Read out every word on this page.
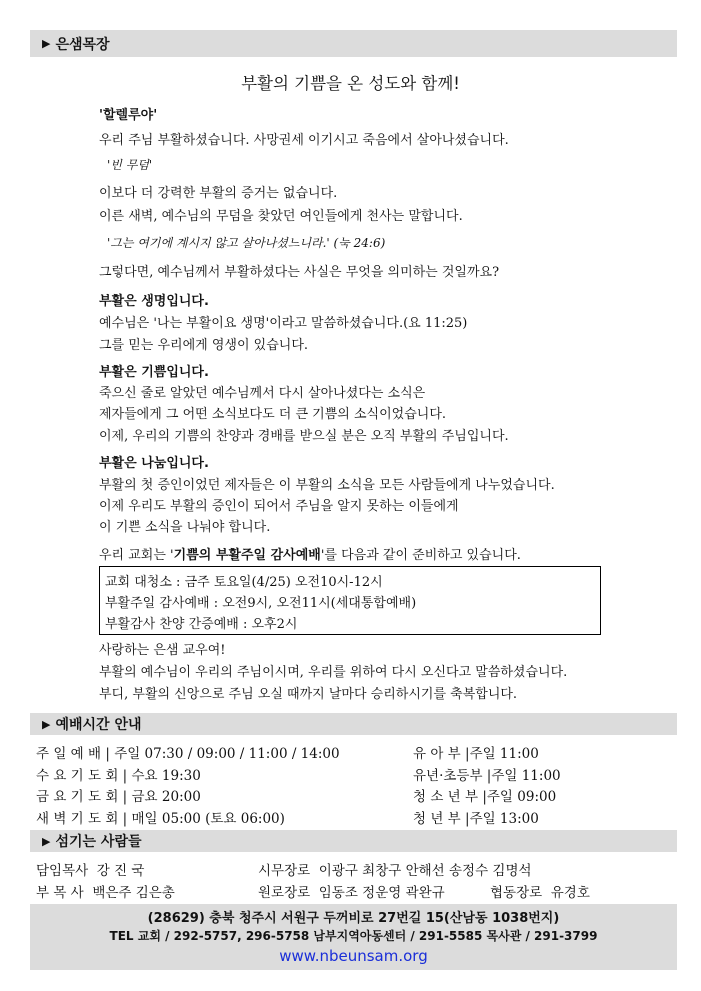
▶ 은샘목장
부활의 기쁨을 온 성도와 함께!
'할렐루야'
우리 주님 부활하셨습니다. 사망권세 이기시고 죽음에서 살아나셨습니다.
'빈 무덤'
이보다 더 강력한 부활의 증거는 없습니다.
이른 새벽, 예수님의 무덤을 찾았던 여인들에게 천사는 말합니다.
'그는 여기에 계시지 않고 살아나셨느니라.' (눅 24:6)
그렇다면, 예수님께서 부활하셨다는 사실은 무엇을 의미하는 것일까요?
부활은 생명입니다.
예수님은 '나는 부활이요 생명'이라고 말씀하셨습니다.(요 11:25)
그를 믿는 우리에게 영생이 있습니다.
부활은 기쁨입니다.
죽으신 줄로 알았던 예수님께서 다시 살아나셨다는 소식은
제자들에게 그 어떤 소식보다도 더 큰 기쁨의 소식이었습니다.
이제, 우리의 기쁨의 찬양과 경배를 받으실 분은 오직 부활의 주님입니다.
부활은 나눔입니다.
부활의 첫 증인이었던 제자들은 이 부활의 소식을 모든 사람들에게 나누었습니다.
이제 우리도 부활의 증인이 되어서 주님을 알지 못하는 이들에게
이 기쁜 소식을 나눠야 합니다.
우리 교회는 '기쁨의 부활주일 감사예배'를 다음과 같이 준비하고 있습니다.
교회 대청소 : 금주 토요일(4/25) 오전10시-12시
부활주일 감사예배 : 오전9시, 오전11시(세대통합예배)
부활감사 찬양 간증예배 : 오후2시
사랑하는 은샘 교우여!
부활의 예수님이 우리의 주님이시며, 우리를 위하여 다시 오신다고 말씀하셨습니다.
부디, 부활의 신앙으로 주님 오실 때까지 날마다 승리하시기를 축복합니다.
▶ 예배시간 안내
주 일 예 배 | 주일 07:30 / 09:00 / 11:00 / 14:00
수 요 기 도 회 | 수요 19:30
금 요 기 도 회 | 금요 20:00
새 벽 기 도 회 | 매일 05:00 (토요 06:00)
유 아 부 |주일 11:00
유년·초등부 |주일 11:00
청 소 년 부 |주일 09:00
청 년 부 |주일 13:00
▶ 섬기는 사람들
담임목사 강 진 국
부 목 사 백은주 김은총
시무장로 이광구 최창구 안해선 송정수 김명석
원로장로 임동조 정운영 곽완규	협동장로 유경호
(28629) 충북 청주시 서원구 두꺼비로 27번길 15(산남동 1038번지)
TEL 교회 / 292-5757, 296-5758 남부지역아동센터 / 291-5585 목사관 / 291-3799
www.nbeunsam.org
